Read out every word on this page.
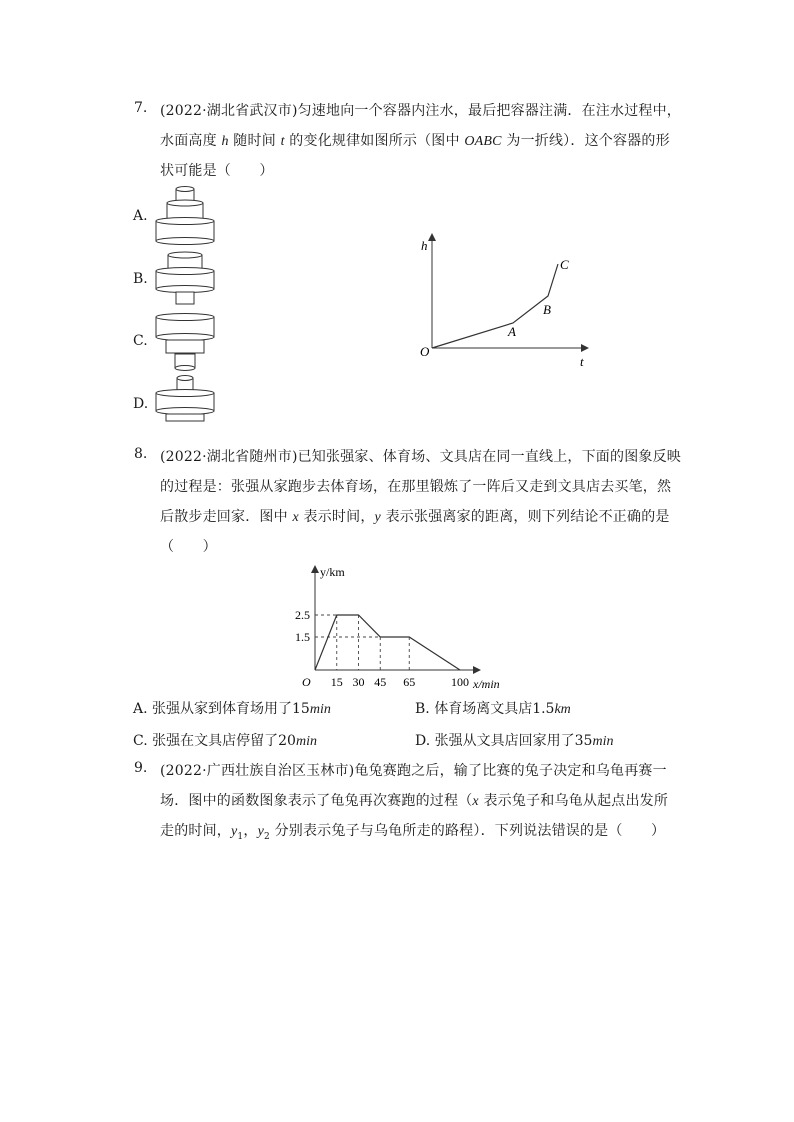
7. (2022·湖北省武汉市)匀速地向一个容器内注水，最后把容器注满．在注水过程中，
水面高度 h 随时间 t 的变化规律如图所示（图中 OABC 为一折线）．这个容器的形
状可能是（　　）
A.
B.
C.
D.
h
t
O
A
B
C
8. (2022·湖北省随州市)已知张强家、体育场、文具店在同一直线上，下面的图象反映
的过程是：张强从家跑步去体育场，在那里锻炼了一阵后又走到文具店去买笔，然
后散步走回家．图中 x 表示时间，y 表示张强离家的距离，则下列结论不正确的是
（　　）
15 30 45 65	100
2.5
1.5
y/km
x/min
O
A. 张强从家到体育场用了15min	B. 体育场离文具店1.5km
C. 张强在文具店停留了20min	D. 张强从文具店回家用了35min
9. (2022·广西壮族自治区玉林市)龟兔赛跑之后，输了比赛的兔子决定和乌龟再赛一
场．图中的函数图象表示了龟兔再次赛跑的过程（x 表示兔子和乌龟从起点出发所
走的时间，$y_1$，$y_2$ 分别表示兔子与乌龟所走的路程）．下列说法错误的是（　　）
